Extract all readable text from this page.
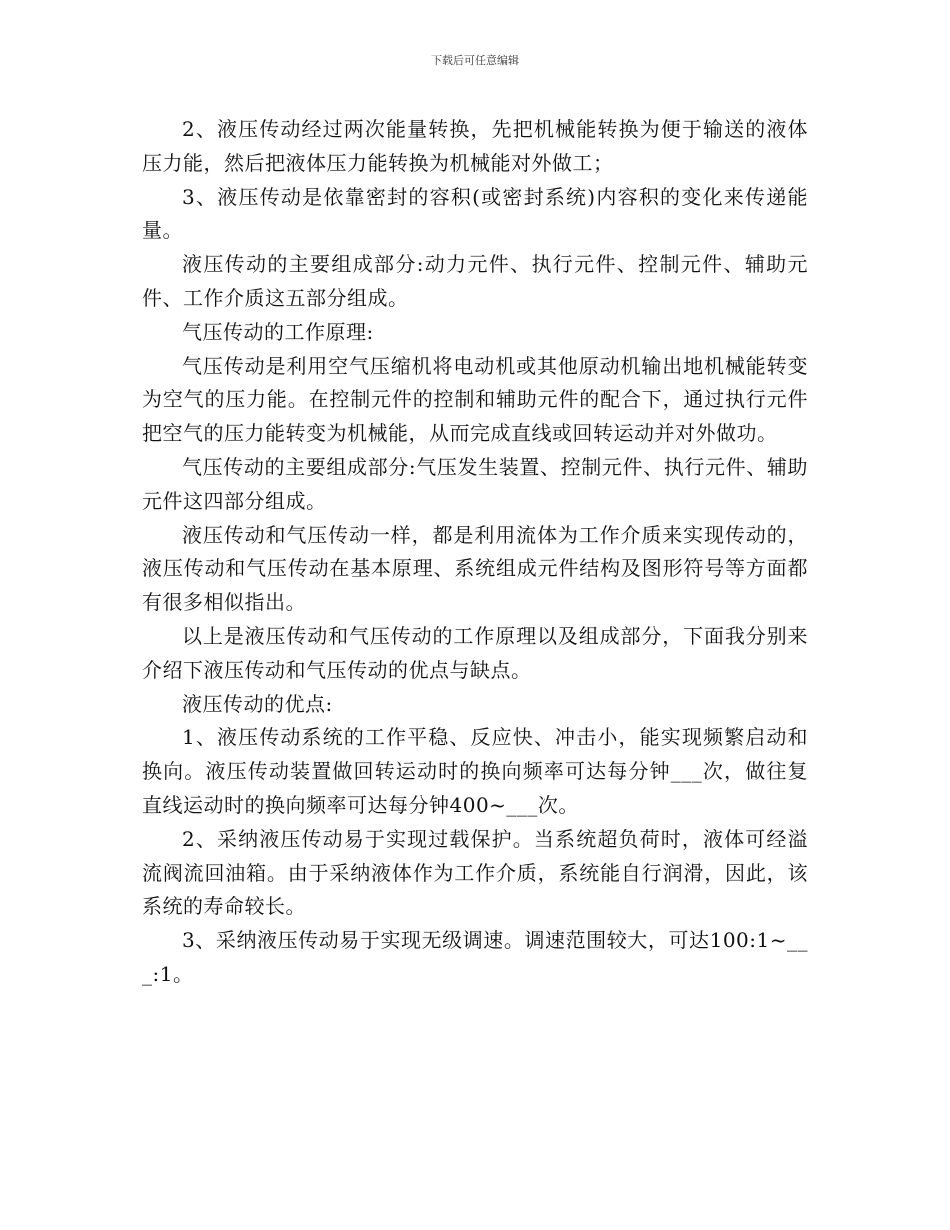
下载后可任意编辑

2、液压传动经过两次能量转换，先把机械能转换为便于输送的液体压力能，然后把液体压力能转换为机械能对外做工；

3、液压传动是依靠密封的容积(或密封系统)内容积的变化来传递能量。

液压传动的主要组成部分:动力元件、执行元件、控制元件、辅助元件、工作介质这五部分组成。

气压传动的工作原理:

气压传动是利用空气压缩机将电动机或其他原动机输出地机械能转变为空气的压力能。在控制元件的控制和辅助元件的配合下，通过执行元件把空气的压力能转变为机械能，从而完成直线或回转运动并对外做功。

气压传动的主要组成部分:气压发生装置、控制元件、执行元件、辅助元件这四部分组成。

液压传动和气压传动一样，都是利用流体为工作介质来实现传动的，液压传动和气压传动在基本原理、系统组成元件结构及图形符号等方面都有很多相似指出。

以上是液压传动和气压传动的工作原理以及组成部分，下面我分别来介绍下液压传动和气压传动的优点与缺点。

液压传动的优点:

1、液压传动系统的工作平稳、反应快、冲击小，能实现频繁启动和换向。液压传动装置做回转运动时的换向频率可达每分钟___次，做往复直线运动时的换向频率可达每分钟400~___次。

2、采纳液压传动易于实现过载保护。当系统超负荷时，液体可经溢流阀流回油箱。由于采纳液体作为工作介质，系统能自行润滑，因此，该系统的寿命较长。

3、采纳液压传动易于实现无级调速。调速范围较大，可达100:1~___:1。
